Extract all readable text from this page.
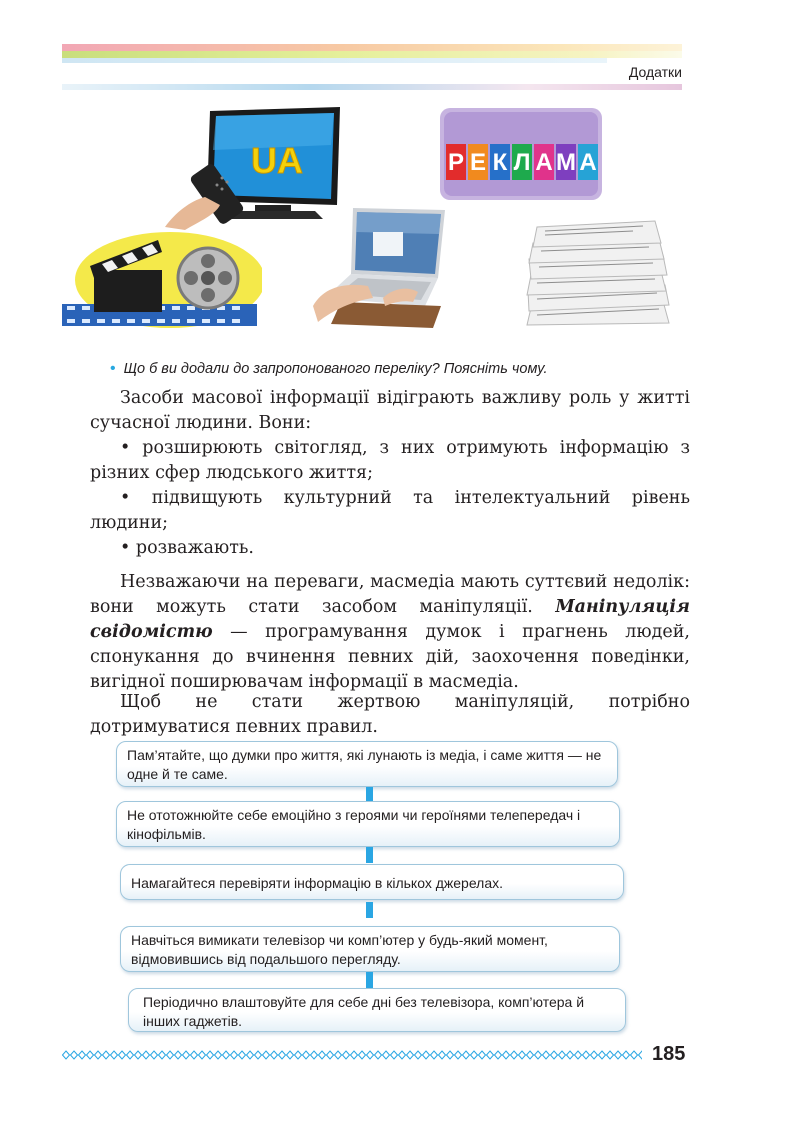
Додатки
UA	Р Е К Л А М А
• Що б ви додали до запропонованого переліку? Поясніть чому.
Засоби масової інформації відіграють важливу роль у житті сучасної людини. Вони:
• розширюють світогляд, з них отримують інформацію з різних сфер людського життя;
• підвищують культурний та інтелектуальний рівень людини;
• розважають.
Незважаючи на переваги, масмедіа мають суттєвий недолік: вони можуть стати засобом маніпуляції. Маніпуляція свідомістю — програмування думок і прагнень людей, спонукання до вчинення певних дій, заохочення поведінки, вигідної поширювачам інформації в масмедіа.
Щоб не стати жертвою маніпуляцій, потрібно дотримуватися певних правил.
Пам’ятайте, що думки про життя, які лунають із медіа, і саме життя — не одне й те саме.
Не ототожнюйте себе емоційно з героями чи героїнями телепередач і кінофільмів.
Намагайтеся перевіряти інформацію в кількох джерелах.
Навчіться вимикати телевізор чи комп’ютер у будь-який момент, відмовившись від подальшого перегляду.
Періодично влаштовуйте для себе дні без телевізора, комп’ютера й інших гаджетів.
185
